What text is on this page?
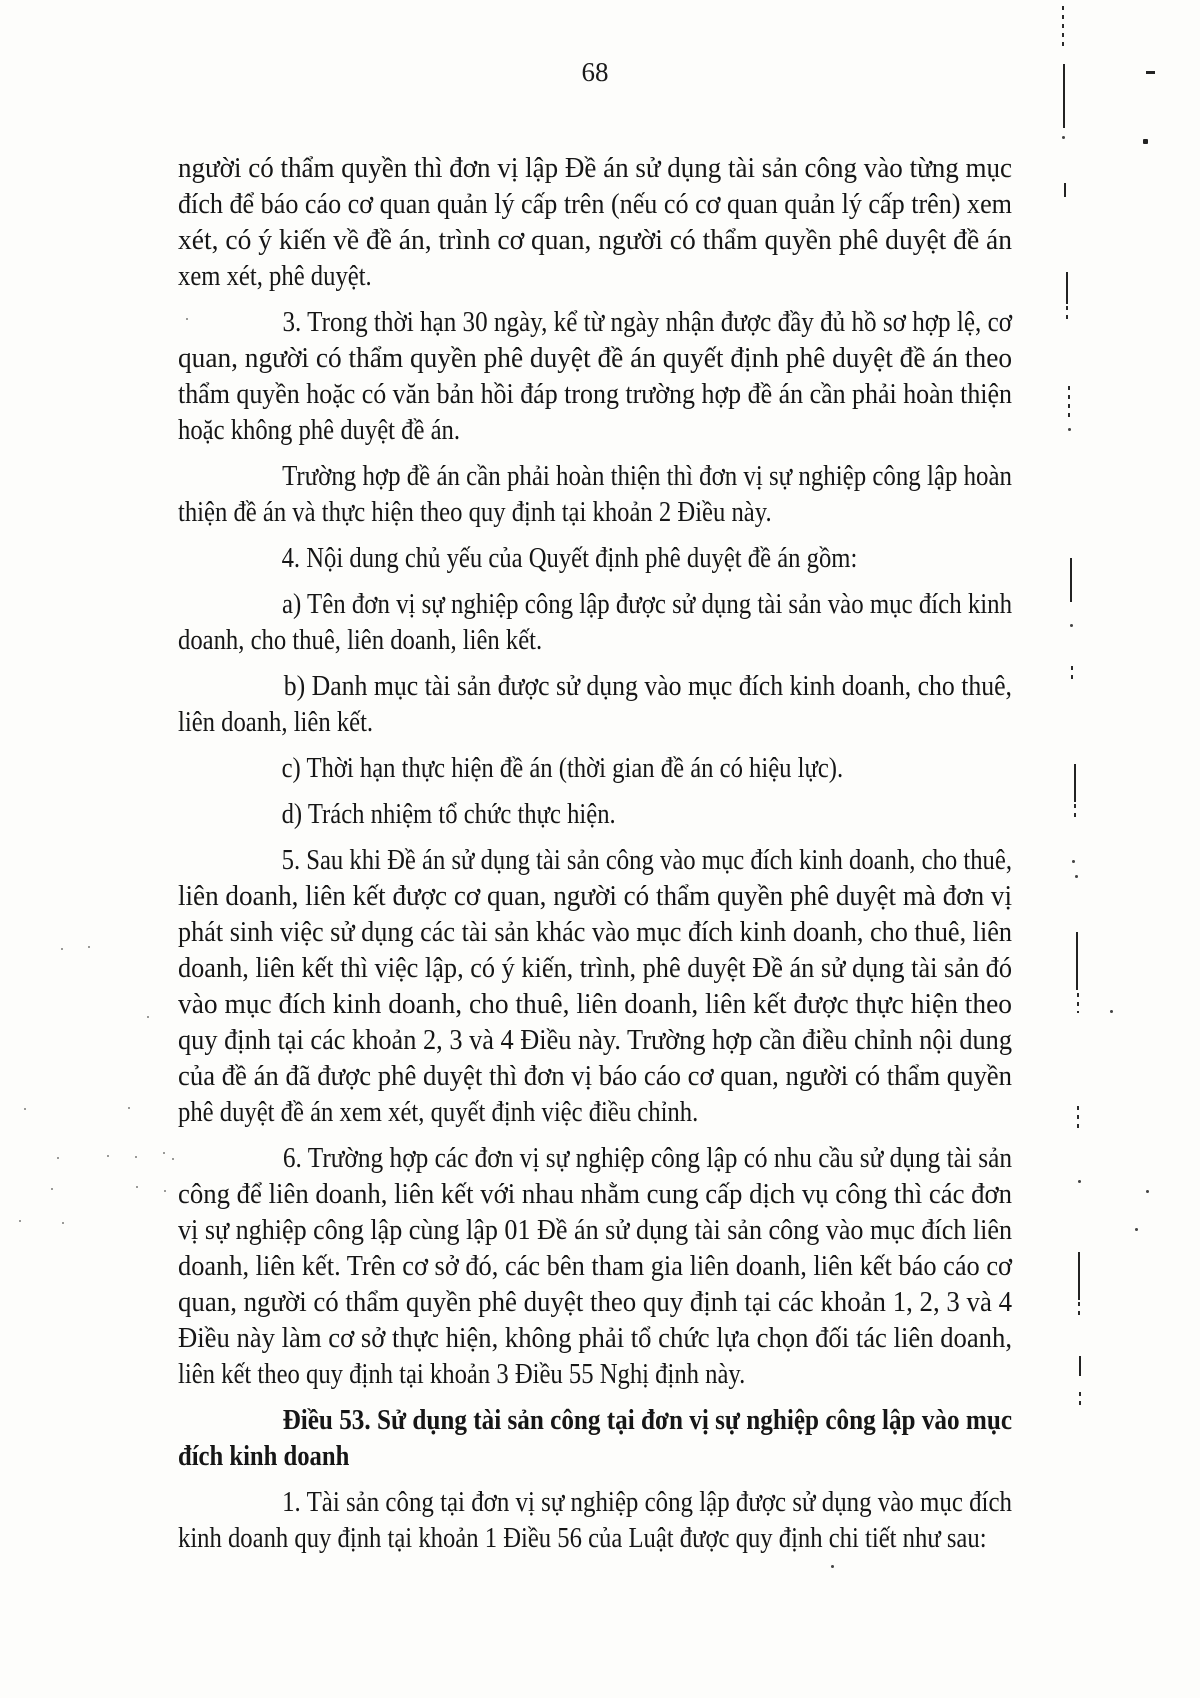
68
người có thẩm quyền thì đơn vị lập Đề án sử dụng tài sản công vào từng mục
đích để báo cáo cơ quan quản lý cấp trên (nếu có cơ quan quản lý cấp trên) xem
xét, có ý kiến về đề án, trình cơ quan, người có thẩm quyền phê duyệt đề án
xem xét, phê duyệt.
3. Trong thời hạn 30 ngày, kể từ ngày nhận được đầy đủ hồ sơ hợp lệ, cơ
quan, người có thẩm quyền phê duyệt đề án quyết định phê duyệt đề án theo
thẩm quyền hoặc có văn bản hồi đáp trong trường hợp đề án cần phải hoàn thiện
hoặc không phê duyệt đề án.
Trường hợp đề án cần phải hoàn thiện thì đơn vị sự nghiệp công lập hoàn
thiện đề án và thực hiện theo quy định tại khoản 2 Điều này.
4. Nội dung chủ yếu của Quyết định phê duyệt đề án gồm:
a) Tên đơn vị sự nghiệp công lập được sử dụng tài sản vào mục đích kinh
doanh, cho thuê, liên doanh, liên kết.
b) Danh mục tài sản được sử dụng vào mục đích kinh doanh, cho thuê,
liên doanh, liên kết.
c) Thời hạn thực hiện đề án (thời gian đề án có hiệu lực).
d) Trách nhiệm tổ chức thực hiện.
5. Sau khi Đề án sử dụng tài sản công vào mục đích kinh doanh, cho thuê,
liên doanh, liên kết được cơ quan, người có thẩm quyền phê duyệt mà đơn vị
phát sinh việc sử dụng các tài sản khác vào mục đích kinh doanh, cho thuê, liên
doanh, liên kết thì việc lập, có ý kiến, trình, phê duyệt Đề án sử dụng tài sản đó
vào mục đích kinh doanh, cho thuê, liên doanh, liên kết được thực hiện theo
quy định tại các khoản 2, 3 và 4 Điều này. Trường hợp cần điều chỉnh nội dung
của đề án đã được phê duyệt thì đơn vị báo cáo cơ quan, người có thẩm quyền
phê duyệt đề án xem xét, quyết định việc điều chỉnh.
6. Trường hợp các đơn vị sự nghiệp công lập có nhu cầu sử dụng tài sản
công để liên doanh, liên kết với nhau nhằm cung cấp dịch vụ công thì các đơn
vị sự nghiệp công lập cùng lập 01 Đề án sử dụng tài sản công vào mục đích liên
doanh, liên kết. Trên cơ sở đó, các bên tham gia liên doanh, liên kết báo cáo cơ
quan, người có thẩm quyền phê duyệt theo quy định tại các khoản 1, 2, 3 và 4
Điều này làm cơ sở thực hiện, không phải tổ chức lựa chọn đối tác liên doanh,
liên kết theo quy định tại khoản 3 Điều 55 Nghị định này.
Điều 53. Sử dụng tài sản công tại đơn vị sự nghiệp công lập vào mục
đích kinh doanh
1. Tài sản công tại đơn vị sự nghiệp công lập được sử dụng vào mục đích
kinh doanh quy định tại khoản 1 Điều 56 của Luật được quy định chi tiết như sau:
